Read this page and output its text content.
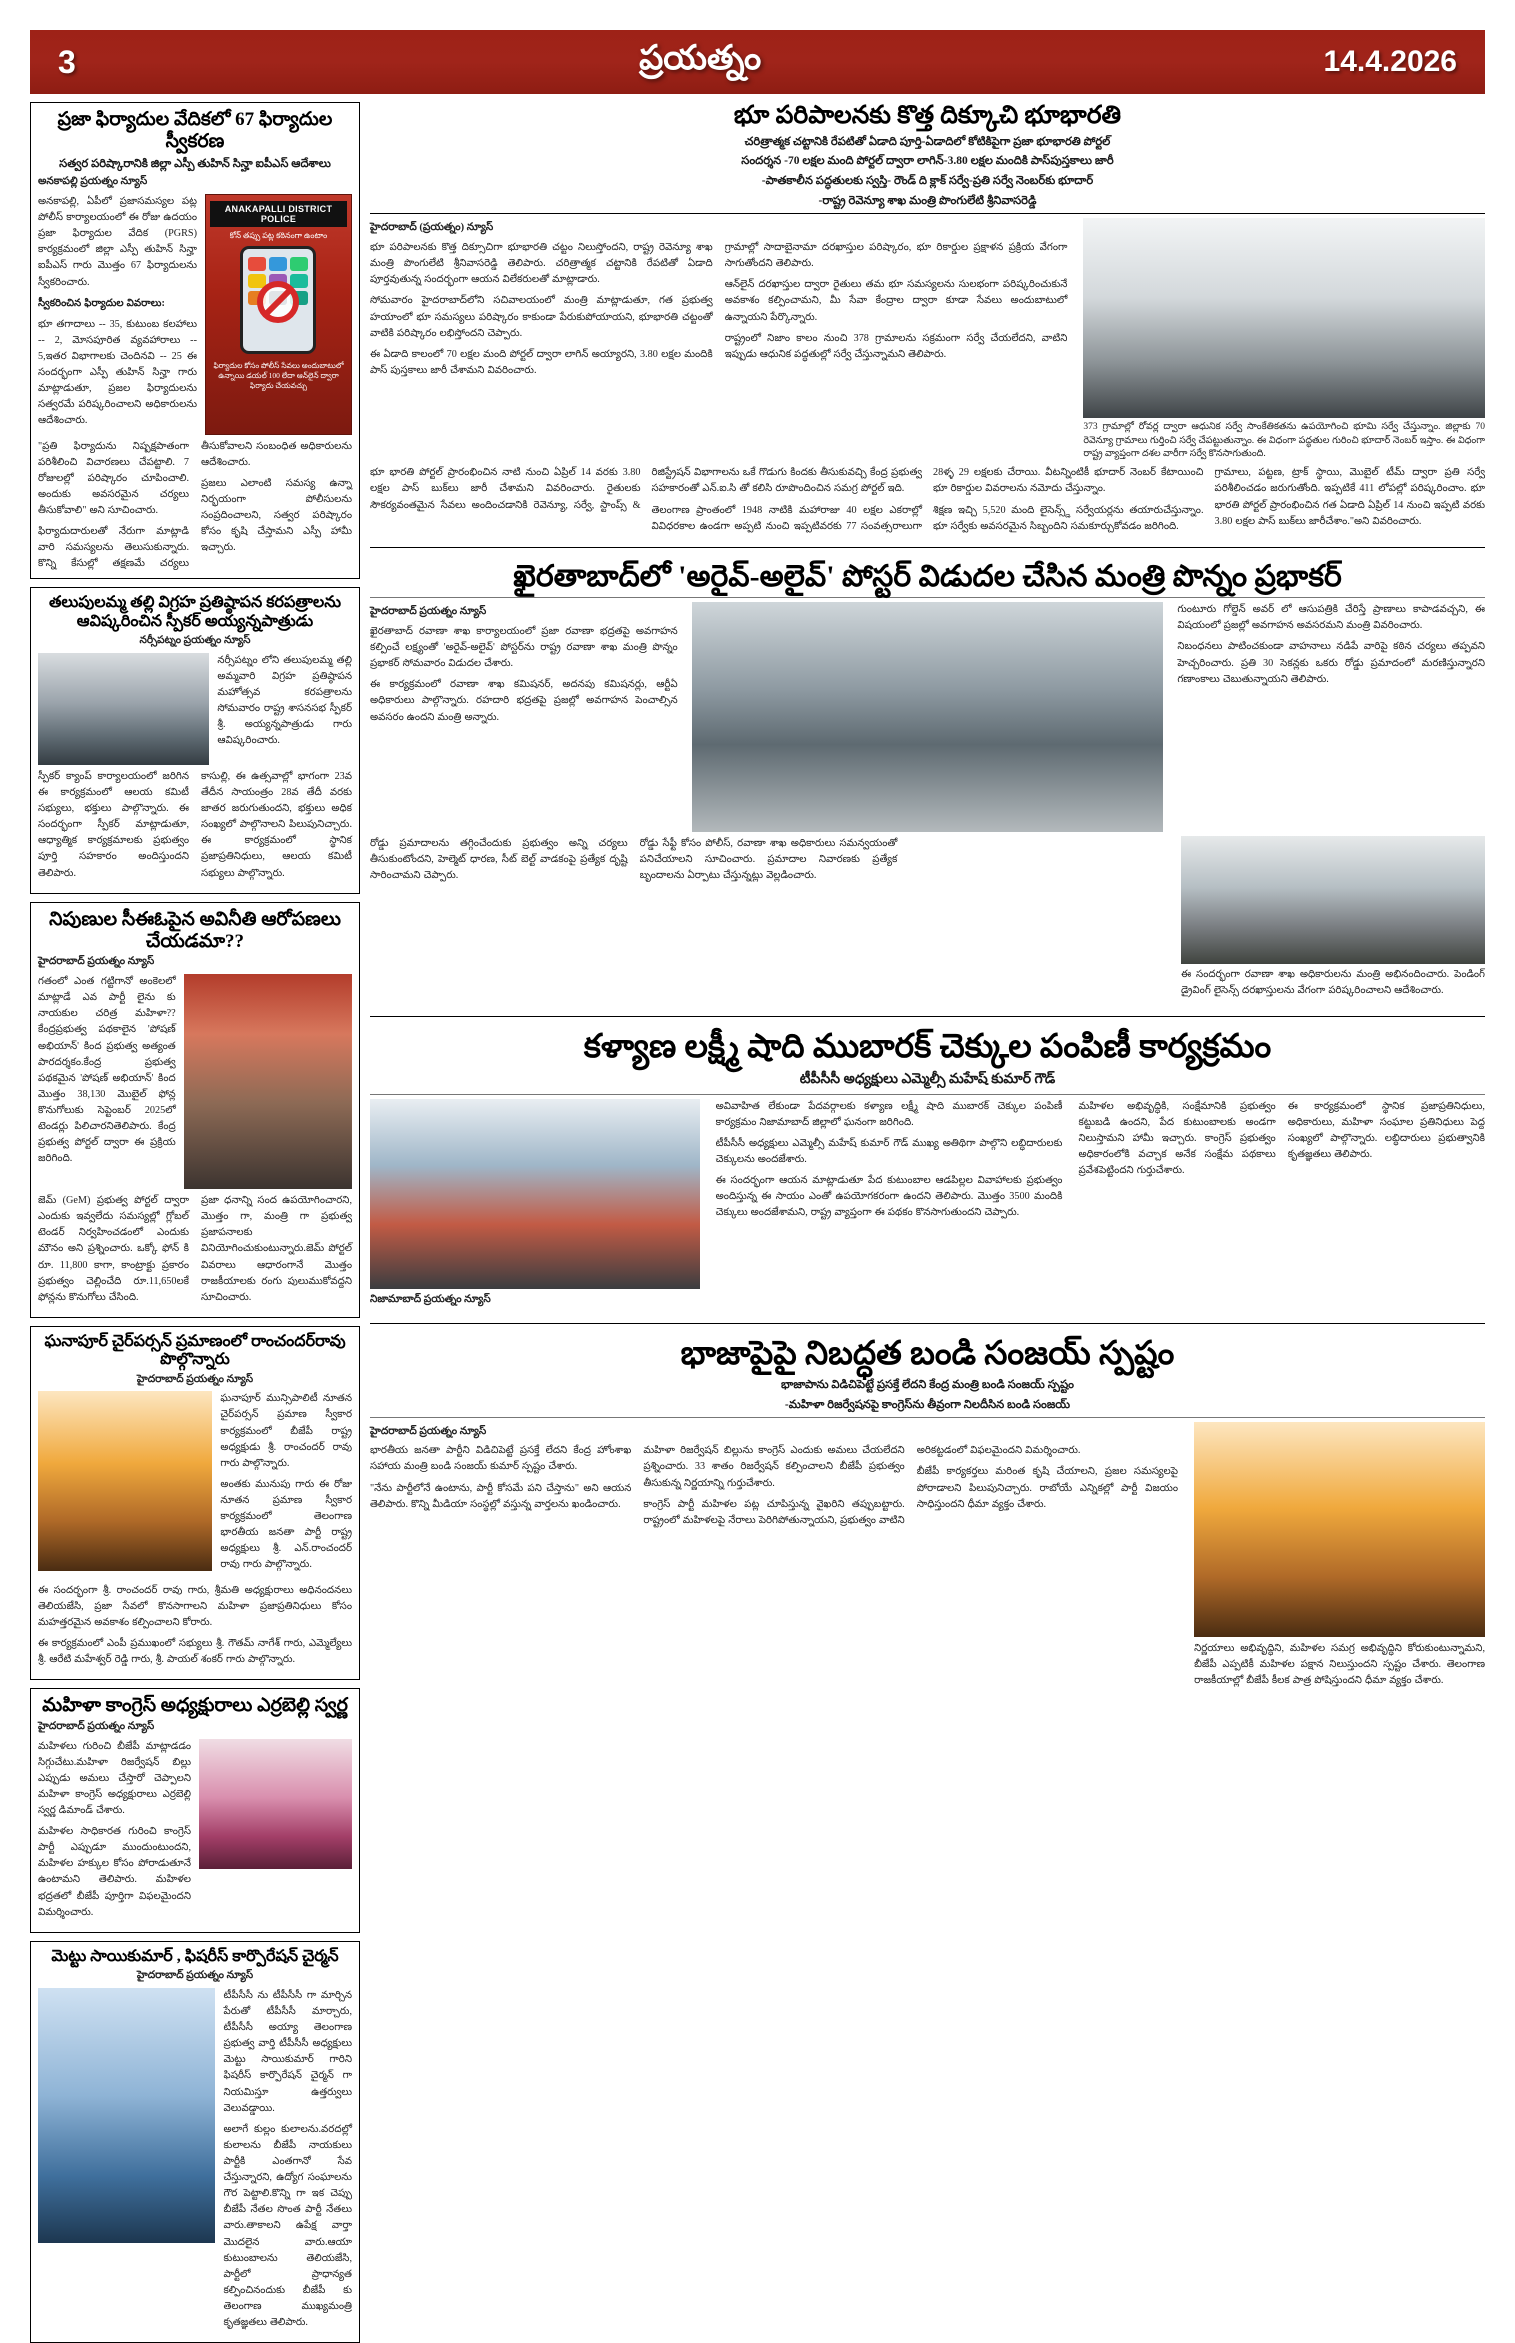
3	ప్రయత్నం	14.4.2026
ప్రజా ఫిర్యాదుల వేదికలో 67 ఫిర్యాదుల స్వీకరణ
సత్వర పరిష్కారానికి జిల్లా ఎస్పీ తుహిన్ సిన్హా ఐపీఎస్ ఆదేశాలు
అనకాపల్లి ప్రయత్నం న్యూస్

అనకాపల్లి, ఏపీలో ప్రజాసమస్యల పట్ల పోలీస్ కార్యాలయంలో ఈ రోజు ఉదయం ప్రజా ఫిర్యాదుల వేదిక (PGRS) కార్యక్రమంలో జిల్లా ఎస్పీ తుహిన్ సిన్హా ఐపీఎస్ గారు మొత్తం 67 ఫిర్యాదులను స్వీకరించారు.

స్వీకరించిన ఫిర్యాదుల వివరాలు:

భూ తగాదాలు -- 35, కుటుంబ కలహాలు -- 2, మోసపూరిత వ్యవహారాలు -- 5,ఇతర విభాగాలకు చెందినవి -- 25 ఈ సందర్భంగా ఎస్పీ తుహిన్ సిన్హా గారు మాట్లాడుతూ, ప్రజల ఫిర్యాదులను సత్వరమే పరిష్కరించాలని అధికారులను ఆదేశించారు.

ANAKAPALLI DISTRICT POLICE
కోన్ తప్పు పట్ల కఠినంగా ఉంటాం
ఫిర్యాదుల కోసం పోలీస్ సేవలు అందుబాటులో ఉన్నాయి డయల్ 100 లేదా ఆన్‌లైన్ ద్వారా ఫిర్యాదు చేయవచ్చు

"ప్రతి ఫిర్యాదును నిష్పక్షపాతంగా పరిశీలించి విచారణలు చేపట్టాలి. 7 రోజులల్లో పరిష్కారం చూపించాలి. అందుకు అవసరమైన చర్యలు తీసుకోవాలి" అని సూచించారు.

ఫిర్యాదుదారులతో నేరుగా మాట్లాడి వారి సమస్యలను తెలుసుకున్నారు. కొన్ని కేసుల్లో తక్షణమే చర్యలు తీసుకోవాలని సంబంధిత అధికారులను ఆదేశించారు.

ప్రజలు ఎలాంటి సమస్య ఉన్నా నిర్భయంగా పోలీసులను సంప్రదించాలని, సత్వర పరిష్కారం కోసం కృషి చేస్తామని ఎస్పీ హామీ ఇచ్చారు.

తలుపులమ్మ తల్లి విగ్రహ ప్రతిష్ఠాపన కరపత్రాలను ఆవిష్కరించిన స్పీకర్ అయ్యన్నపాత్రుడు
నర్సీపట్నం ప్రయత్నం న్యూస్

నర్సీపట్నం లోని తలుపులమ్మ తల్లి అమ్మవారి విగ్రహ ప్రతిష్ఠాపన మహోత్సవ కరపత్రాలను సోమవారం రాష్ట్ర శాసనసభ స్పీకర్ శ్రీ. అయ్యన్నపాత్రుడు గారు ఆవిష్కరించారు.

స్పీకర్ క్యాంప్ కార్యాలయంలో జరిగిన ఈ కార్యక్రమంలో ఆలయ కమిటీ సభ్యులు, భక్తులు పాల్గొన్నారు. ఈ సందర్భంగా స్పీకర్ మాట్లాడుతూ, ఆధ్యాత్మిక కార్యక్రమాలకు ప్రభుత్వం పూర్తి సహకారం అందిస్తుందని తెలిపారు.

కాసుల్లి, ఈ ఉత్సవాల్లో భాగంగా 23వ తేదీన సాయంత్రం 28వ తేదీ వరకు జాతర జరుగుతుందని, భక్తులు అధిక సంఖ్యలో పాల్గొనాలని పిలుపునిచ్చారు. ఈ కార్యక్రమంలో స్థానిక ప్రజాప్రతినిధులు, ఆలయ కమిటీ సభ్యులు పాల్గొన్నారు.

నిపుణుల సీఈఓపైన అవినీతి ఆరోపణలు చేయడమా??
హైదరాబాద్ ప్రయత్నం న్యూస్

గతంలో ఎంత గట్టిగానో అంకెలలో మాట్లాడే ఎవ పార్టీ లైను కు నాయకుల చరిత్ర మహిళా?? కేంద్రప్రభుత్వ పథకాలైన 'పోషణ్ అభియాన్' కింద ప్రభుత్వ అత్యంత పారదర్శకం.కేంద్ర ప్రభుత్వ పథకమైన 'పోషణ్ అభియాన్' కింద మొత్తం 38,130 మొబైల్ ఫోన్ల కొనుగోలుకు సెప్టెంబర్ 2025లో టెండర్లు పిలిచారనితెలిపారు. కేంద్ర ప్రభుత్వ పోర్టల్ ద్వారా ఈ ప్రక్రియ జరిగింది.

జెమ్ (GeM) ప్రభుత్వ పోర్టల్ ద్వారా ఎందుకు ఇవ్వలేదు సమస్యల్లో గ్లోబల్ టెండర్ నిర్వహించడంలో ఎందుకు మౌనం అని ప్రశ్నించారు. ఒక్కో ఫోన్ కి రూ. 11,800 కాగా, కాంట్రాక్టు ప్రకారం ప్రభుత్వం చెల్లించేది రూ.11,650లకే ఫోన్లను కొనుగోలు చేసింది.

ప్రజా ధనాన్ని సంద ఉపయోగించారని, మొత్తం గా, మంత్రి గా ప్రభుత్వ ప్రజాపనాలకు వినియోగించుకుంటున్నారు.జెమ్ పోర్టల్ వివరాలు ఆధారంగానే మొత్తం రాజకీయాలకు రంగు పులుముకోవద్దని సూచించారు.

ఘనాపూర్ చైర్‌పర్సన్ ప్రమాణంలో రాంచందర్‌రావు పొల్గొన్నారు
హైదరాబాద్ ప్రయత్నం న్యూస్

ఘనాపూర్ మున్సిపాలిటీ నూతన చైర్‌పర్సన్ ప్రమాణ స్వీకార కార్యక్రమంలో బీజేపీ రాష్ట్ర అధ్యక్షుడు శ్రీ. రాంచందర్ రావు గారు పాల్గొన్నారు.

అంతకు మునుపు గారు ఈ రోజు నూతన ప్రమాణ స్వీకార కార్యక్రమంలో తెలంగాణ భారతీయ జనతా పార్టీ రాష్ట్ర అధ్యక్షులు శ్రీ. ఎన్.రాంచందర్ రావు గారు పాల్గొన్నారు.

ఈ సందర్భంగా శ్రీ. రాంచందర్ రావు గారు, శ్రీమతి అధ్యక్షురాలు అధినందనలు తెలియజేసి, ప్రజా సేవలో కొనసాగాలని మహిళా ప్రజాప్రతినిధులు కోసం మహత్తరమైన అవకాశం కల్పించాలని కోరారు.

ఈ కార్యక్రమంలో ఎంపీ ప్రముఖంలో సభ్యులు శ్రీ. గౌతమ్ నాగేశ్ గారు, ఎమ్మెల్యేలు శ్రీ. ఆరేటి మహేశ్వర్ రెడ్డి గారు, శ్రీ. పాయల్ శంకర్ గారు పాల్గొన్నారు.

మహిళా కాంగ్రెస్ అధ్యక్షురాలు ఎర్రబెల్లి స్వర్ణ
హైదరాబాద్ ప్రయత్నం న్యూస్

మహిళలు గురించి బీజేపీ మాట్లాడడం సిగ్గుచేటు.మహిళా రిజర్వేషన్ బిల్లు ఎప్పుడు అమలు చేస్తారో చెప్పాలని మహిళా కాంగ్రెస్ అధ్యక్షురాలు ఎర్రబెల్లి స్వర్ణ డిమాండ్ చేశారు.

మహిళల సాధికారత గురించి కాంగ్రెస్ పార్టీ ఎప్పుడూ ముందుంటుందని, మహిళల హక్కుల కోసం పోరాడుతూనే ఉంటామని తెలిపారు. మహిళల భద్రతలో బీజేపీ పూర్తిగా విఫలమైందని విమర్శించారు.

మెట్టు సాయికుమార్ , ఫిషరీస్ కార్పొరేషన్ చైర్మన్
హైదరాబాద్ ప్రయత్నం న్యూస్

టీపీసీసీ ను టీపీసీసీ గా మార్చిన పేరుతో టీపీసీసీ మార్చారు, టీపీసీసీ అయ్యా తెలంగాణ ప్రభుత్వ వార్తి టీపీసీసీ అధ్యక్షులు మెట్టు సాయికుమార్ గారిని ఫిషరీస్ కార్పొరేషన్ చైర్మన్ గా నియమిస్తూ ఉత్తర్వులు వెలువడ్డాయి.

అలాగే కుల్లం కులాలను.వరదల్లో కులాలను బీజేపీ నాయకులు పార్టీకి ఎంతగానో సేవ చేస్తున్నారని, ఉద్యోగ సంఘాలను గౌర పెట్టాలి.కొన్ని గా ఇక చెప్పు బీజేపీ నేతల సొంత పార్టీ నేతలు వారు.తాకాలని ఉపేక్ష వార్తా మొదలైన వారు.ఆయా కుటుంబాలను తెలియజేసి, పార్టీలో ప్రాధాన్యత కల్పించినందుకు బీజేపీ కు తెలంగాణ ముఖ్యమంత్రి కృతజ్ఞతలు తెలిపారు.

భూ పరిపాలనకు కొత్త దిక్కూచి భూభారతి
చరిత్రాత్మక చట్టానికి రేపటితో ఏడాది పూర్తి-ఏడాదిలో కోటికిపైగా ప్రజా భూభారతి పోర్టల్
సందర్శన -70 లక్షల మంది పోర్టల్ ద్వారా లాగిన్-3.80 లక్షల మందికి పాస్‌పుస్తకాలు జారీ
-పాతకాలీన పద్ధతులకు స్వస్తి- రౌండ్ ది క్లాక్ సర్వే-ప్రతి సర్వే నెంబర్‌కు భూదార్
-రాష్ట్ర రెవెన్యూ శాఖ మంత్రి పొంగులేటి శ్రీనివాసరెడ్డి
హైదరాబాద్ (ప్రయత్నం) న్యూస్

భూ పరిపాలనకు కొత్త దిక్సూచిగా భూభారతి చట్టం నిలుస్తోందని, రాష్ట్ర రెవెన్యూ శాఖ మంత్రి పొంగులేటి శ్రీనివాసరెడ్డి తెలిపారు. చరిత్రాత్మక చట్టానికి రేపటితో ఏడాది పూర్తవుతున్న సందర్భంగా ఆయన విలేకరులతో మాట్లాడారు.

సోమవారం హైదరాబాద్‌లోని సచివాలయంలో మంత్రి మాట్లాడుతూ, గత ప్రభుత్వ హయాంలో భూ సమస్యలు పరిష్కారం కాకుండా పేరుకుపోయాయని, భూభారతి చట్టంతో వాటికి పరిష్కారం లభిస్తోందని చెప్పారు.

ఈ ఏడాది కాలంలో 70 లక్షల మంది పోర్టల్ ద్వారా లాగిన్ అయ్యారని, 3.80 లక్షల మందికి పాస్ పుస్తకాలు జారీ చేశామని వివరించారు.

గ్రామాల్లో సాదాబైనామా దరఖాస్తుల పరిష్కారం, భూ రికార్డుల ప్రక్షాళన ప్రక్రియ వేగంగా సాగుతోందని తెలిపారు.

ఆన్‌లైన్ దరఖాస్తుల ద్వారా రైతులు తమ భూ సమస్యలను సులభంగా పరిష్కరించుకునే అవకాశం కల్పించామని, మీ సేవా కేంద్రాల ద్వారా కూడా సేవలు అందుబాటులో ఉన్నాయని పేర్కొన్నారు.

రాష్ట్రంలో నిజాం కాలం నుంచి 378 గ్రామాలను సక్రమంగా సర్వే చేయలేదని, వాటిని ఇప్పుడు ఆధునిక పద్ధతుల్లో సర్వే చేస్తున్నామని తెలిపారు.

373 గ్రామాల్లో రోవర్ల ద్వారా ఆధునిక సర్వే సాంకేతికతను ఉపయోగించి భూమి సర్వే చేస్తున్నాం. జిల్లాకు 70 రెవెన్యూ గ్రామాలు గుర్తించి సర్వే చేపట్టుతున్నాం. ఈ విధంగా పద్ధతుల గురించి భూదార్ నెంబర్ ఇస్తాం. ఈ విధంగా రాష్ట్ర వ్యాప్తంగా దశల వారీగా సర్వే కొనసాగుతుంది.

భూ భారతి పోర్టల్ ప్రారంభించిన నాటి నుంచి ఏప్రిల్ 14 వరకు 3.80 లక్షల పాస్ బుక్‌లు జారీ చేశామని వివరించారు. రైతులకు సౌకర్యవంతమైన సేవలు అందించడానికి రెవెన్యూ, సర్వే, స్టాంప్స్ & రిజిస్ట్రేషన్ విభాగాలను ఒకే గొడుగు కిందకు తీసుకువచ్చి కేంద్ర ప్రభుత్వ సహకారంతో ఎన్.ఐ.సి తో కలిసి రూపొందించిన సమగ్ర పోర్టల్ ఇది.

తెలంగాణ ప్రాంతంలో 1948 నాటికి మహారాజు 40 లక్షల ఎకరాల్లో వివిధరకాల ఉండగా అప్పటి నుంచి ఇప్పటివరకు 77 సంవత్సరాలుగా 28ళ్ళ 29 లక్షలకు చేరాయి. వీటన్నింటికీ భూదార్ నెంబర్ కేటాయించి భూ రికార్డుల వివరాలను నమోదు చేస్తున్నాం.

శిక్షణ ఇచ్చి 5,520 మంది లైసెన్స్డ్ సర్వేయర్లను తయారుచేస్తున్నాం. భూ సర్వేకు అవసరమైన సిబ్బందిని సమకూర్చుకోవడం జరిగింది.

గ్రామాలు, పట్టణ, ట్రాక్ స్థాయి, మెుబైల్ టీమ్ ద్వారా ప్రతి సర్వే పరిశీలించడం జరుగుతోంది. ఇప్పటికే 411 లోపల్లో పరిష్కరించాం. భూ భారతి పోర్టల్ ప్రారంభించిన గత ఏడాది ఏప్రిల్ 14 నుంచి ఇప్పటి వరకు 3.80 లక్షల పాస్ బుక్‌లు జారీచేశాం."అని వివరించారు.

ఖైరతాబాద్‌లో 'అరైవ్-అలైవ్' పోస్టర్ విడుదల చేసిన మంత్రి పొన్నం ప్రభాకర్
హైదరాబాద్ ప్రయత్నం న్యూస్

ఖైరతాబాద్ రవాణా శాఖ కార్యాలయంలో ప్రజా రవాణా భద్రతపై అవగాహన కల్పించే లక్ష్యంతో 'అరైవ్-అలైవ్' పోస్టర్‌ను రాష్ట్ర రవాణా శాఖ మంత్రి పొన్నం ప్రభాకర్ సోమవారం విడుదల చేశారు.

ఈ కార్యక్రమంలో రవాణా శాఖ కమిషనర్, అదనపు కమిషనర్లు, ఆర్టీఏ అధికారులు పాల్గొన్నారు. రహదారి భద్రతపై ప్రజల్లో అవగాహన పెంచాల్సిన అవసరం ఉందని మంత్రి అన్నారు.

గుంటూరు గోల్డెన్ అవర్ లో ఆసుపత్రికి చేరిస్తే ప్రాణాలు కాపాడవచ్చని, ఈ విషయంలో ప్రజల్లో అవగాహన అవసరమని మంత్రి వివరించారు.

నిబంధనలు పాటించకుండా వాహనాలు నడిపే వారిపై కఠిన చర్యలు తప్పవని హెచ్చరించారు. ప్రతి 30 సెకన్లకు ఒకరు రోడ్డు ప్రమాదంలో మరణిస్తున్నారని గణాంకాలు చెబుతున్నాయని తెలిపారు.

రోడ్డు ప్రమాదాలను తగ్గించేందుకు ప్రభుత్వం అన్ని చర్యలు తీసుకుంటోందని, హెల్మెట్ ధారణ, సీట్ బెల్ట్ వాడకంపై ప్రత్యేక దృష్టి సారించామని చెప్పారు.

రోడ్డు సేఫ్టీ కోసం పోలీస్, రవాణా శాఖ అధికారులు సమన్వయంతో పనిచేయాలని సూచించారు. ప్రమాదాల నివారణకు ప్రత్యేక బృందాలను ఏర్పాటు చేస్తున్నట్లు వెల్లడించారు.

ఈ సందర్భంగా రవాణా శాఖ అధికారులను మంత్రి అభినందించారు. పెండింగ్ డ్రైవింగ్ లైసెన్స్ దరఖాస్తులను వేగంగా పరిష్కరించాలని ఆదేశించారు.

కళ్యాణ లక్ష్మీ షాది ముబారక్ చెక్కుల పంపిణీ కార్యక్రమం
టీపీసీసీ అధ్యక్షులు ఎమ్మెల్సీ మహేష్ కుమార్ గౌడ్
నిజామాబాద్ ప్రయత్నం న్యూస్

అవివాహిత లేకుండా పేదవర్గాలకు కళ్యాణ లక్ష్మీ షాది ముబారక్ చెక్కుల పంపిణీ కార్యక్రమం నిజామాబాద్ జిల్లాలో ఘనంగా జరిగింది.

టీపీసీసీ అధ్యక్షులు ఎమ్మెల్సీ మహేష్ కుమార్ గౌడ్ ముఖ్య అతిథిగా పాల్గొని లబ్ధిదారులకు చెక్కులను అందజేశారు.

ఈ సందర్భంగా ఆయన మాట్లాడుతూ పేద కుటుంబాల ఆడపిల్లల వివాహాలకు ప్రభుత్వం అందిస్తున్న ఈ సాయం ఎంతో ఉపయోగకరంగా ఉందని తెలిపారు. మొత్తం 3500 మందికి చెక్కులు అందజేశామని, రాష్ట్ర వ్యాప్తంగా ఈ పథకం కొనసాగుతుందని చెప్పారు.

మహిళల అభివృద్ధికి, సంక్షేమానికి ప్రభుత్వం కట్టుబడి ఉందని, పేద కుటుంబాలకు అండగా నిలుస్తామని హామీ ఇచ్చారు. కాంగ్రెస్ ప్రభుత్వం అధికారంలోకి వచ్చాక అనేక సంక్షేమ పథకాలు ప్రవేశపెట్టిందని గుర్తుచేశారు.

ఈ కార్యక్రమంలో స్థానిక ప్రజాప్రతినిధులు, అధికారులు, మహిళా సంఘాల ప్రతినిధులు పెద్ద సంఖ్యలో పాల్గొన్నారు. లబ్ధిదారులు ప్రభుత్వానికి కృతజ్ఞతలు తెలిపారు.

భాజాపైపై నిబద్ధత బండి సంజయ్ స్పష్టం
భాజాపాను విడిచిపెట్టే ప్రసక్తే లేదని కేంద్ర మంత్రి బండి సంజయ్ స్పష్టం
-మహిళా రిజర్వేషనపై కాంగ్రెస్‌ను తీవ్రంగా నిలదీసిన బండి సంజయ్
హైదరాబాద్ ప్రయత్నం న్యూస్

భారతీయ జనతా పార్టీని విడిచిపెట్టే ప్రసక్తే లేదని కేంద్ర హోంశాఖ సహాయ మంత్రి బండి సంజయ్ కుమార్ స్పష్టం చేశారు.

"నేను పార్టీలోనే ఉంటాను, పార్టీ కోసమే పని చేస్తాను" అని ఆయన తెలిపారు. కొన్ని మీడియా సంస్థల్లో వస్తున్న వార్తలను ఖండించారు.

మహిళా రిజర్వేషన్ బిల్లును కాంగ్రెస్ ఎందుకు అమలు చేయలేదని ప్రశ్నించారు. 33 శాతం రిజర్వేషన్ కల్పించాలని బీజేపీ ప్రభుత్వం తీసుకున్న నిర్ణయాన్ని గుర్తుచేశారు.

కాంగ్రెస్ పార్టీ మహిళల పట్ల చూపిస్తున్న వైఖరిని తప్పుబట్టారు. రాష్ట్రంలో మహిళలపై నేరాలు పెరిగిపోతున్నాయని, ప్రభుత్వం వాటిని అరికట్టడంలో విఫలమైందని విమర్శించారు.

బీజేపీ కార్యకర్తలు మరింత కృషి చేయాలని, ప్రజల సమస్యలపై పోరాడాలని పిలుపునిచ్చారు. రాబోయే ఎన్నికల్లో పార్టీ విజయం సాధిస్తుందని ధీమా వ్యక్తం చేశారు.

నిర్ణయాలు అభివృద్ధిని, మహిళల సమగ్ర అభివృద్ధిని కోరుకుంటున్నామని, బీజేపీ ఎప్పటికీ మహిళల పక్షాన నిలుస్తుందని స్పష్టం చేశారు. తెలంగాణ రాజకీయాల్లో బీజేపీ కీలక పాత్ర పోషిస్తుందని ధీమా వ్యక్తం చేశారు.
